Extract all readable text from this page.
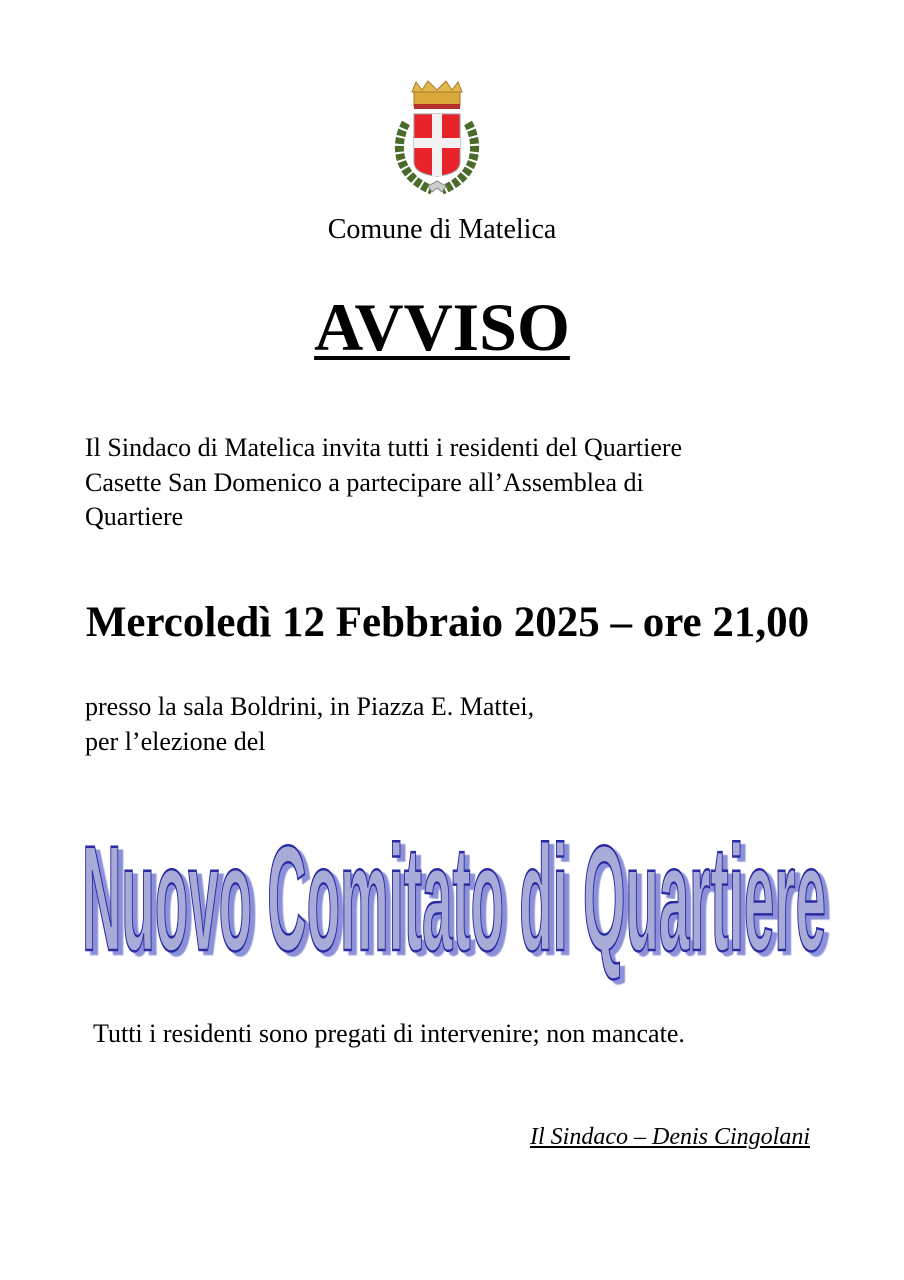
Comune di Matelica
AVVISO
Il Sindaco di Matelica invita tutti i residenti del Quartiere
Casette San Domenico a partecipare all’Assemblea di
Quartiere
Mercoledì 12 Febbraio 2025 – ore 21,00
presso la sala Boldrini, in Piazza E. Mattei,
per l’elezione del
Nuovo Comitato di Quartiere
Tutti i residenti sono pregati di intervenire; non mancate.
Il Sindaco – Denis Cingolani
